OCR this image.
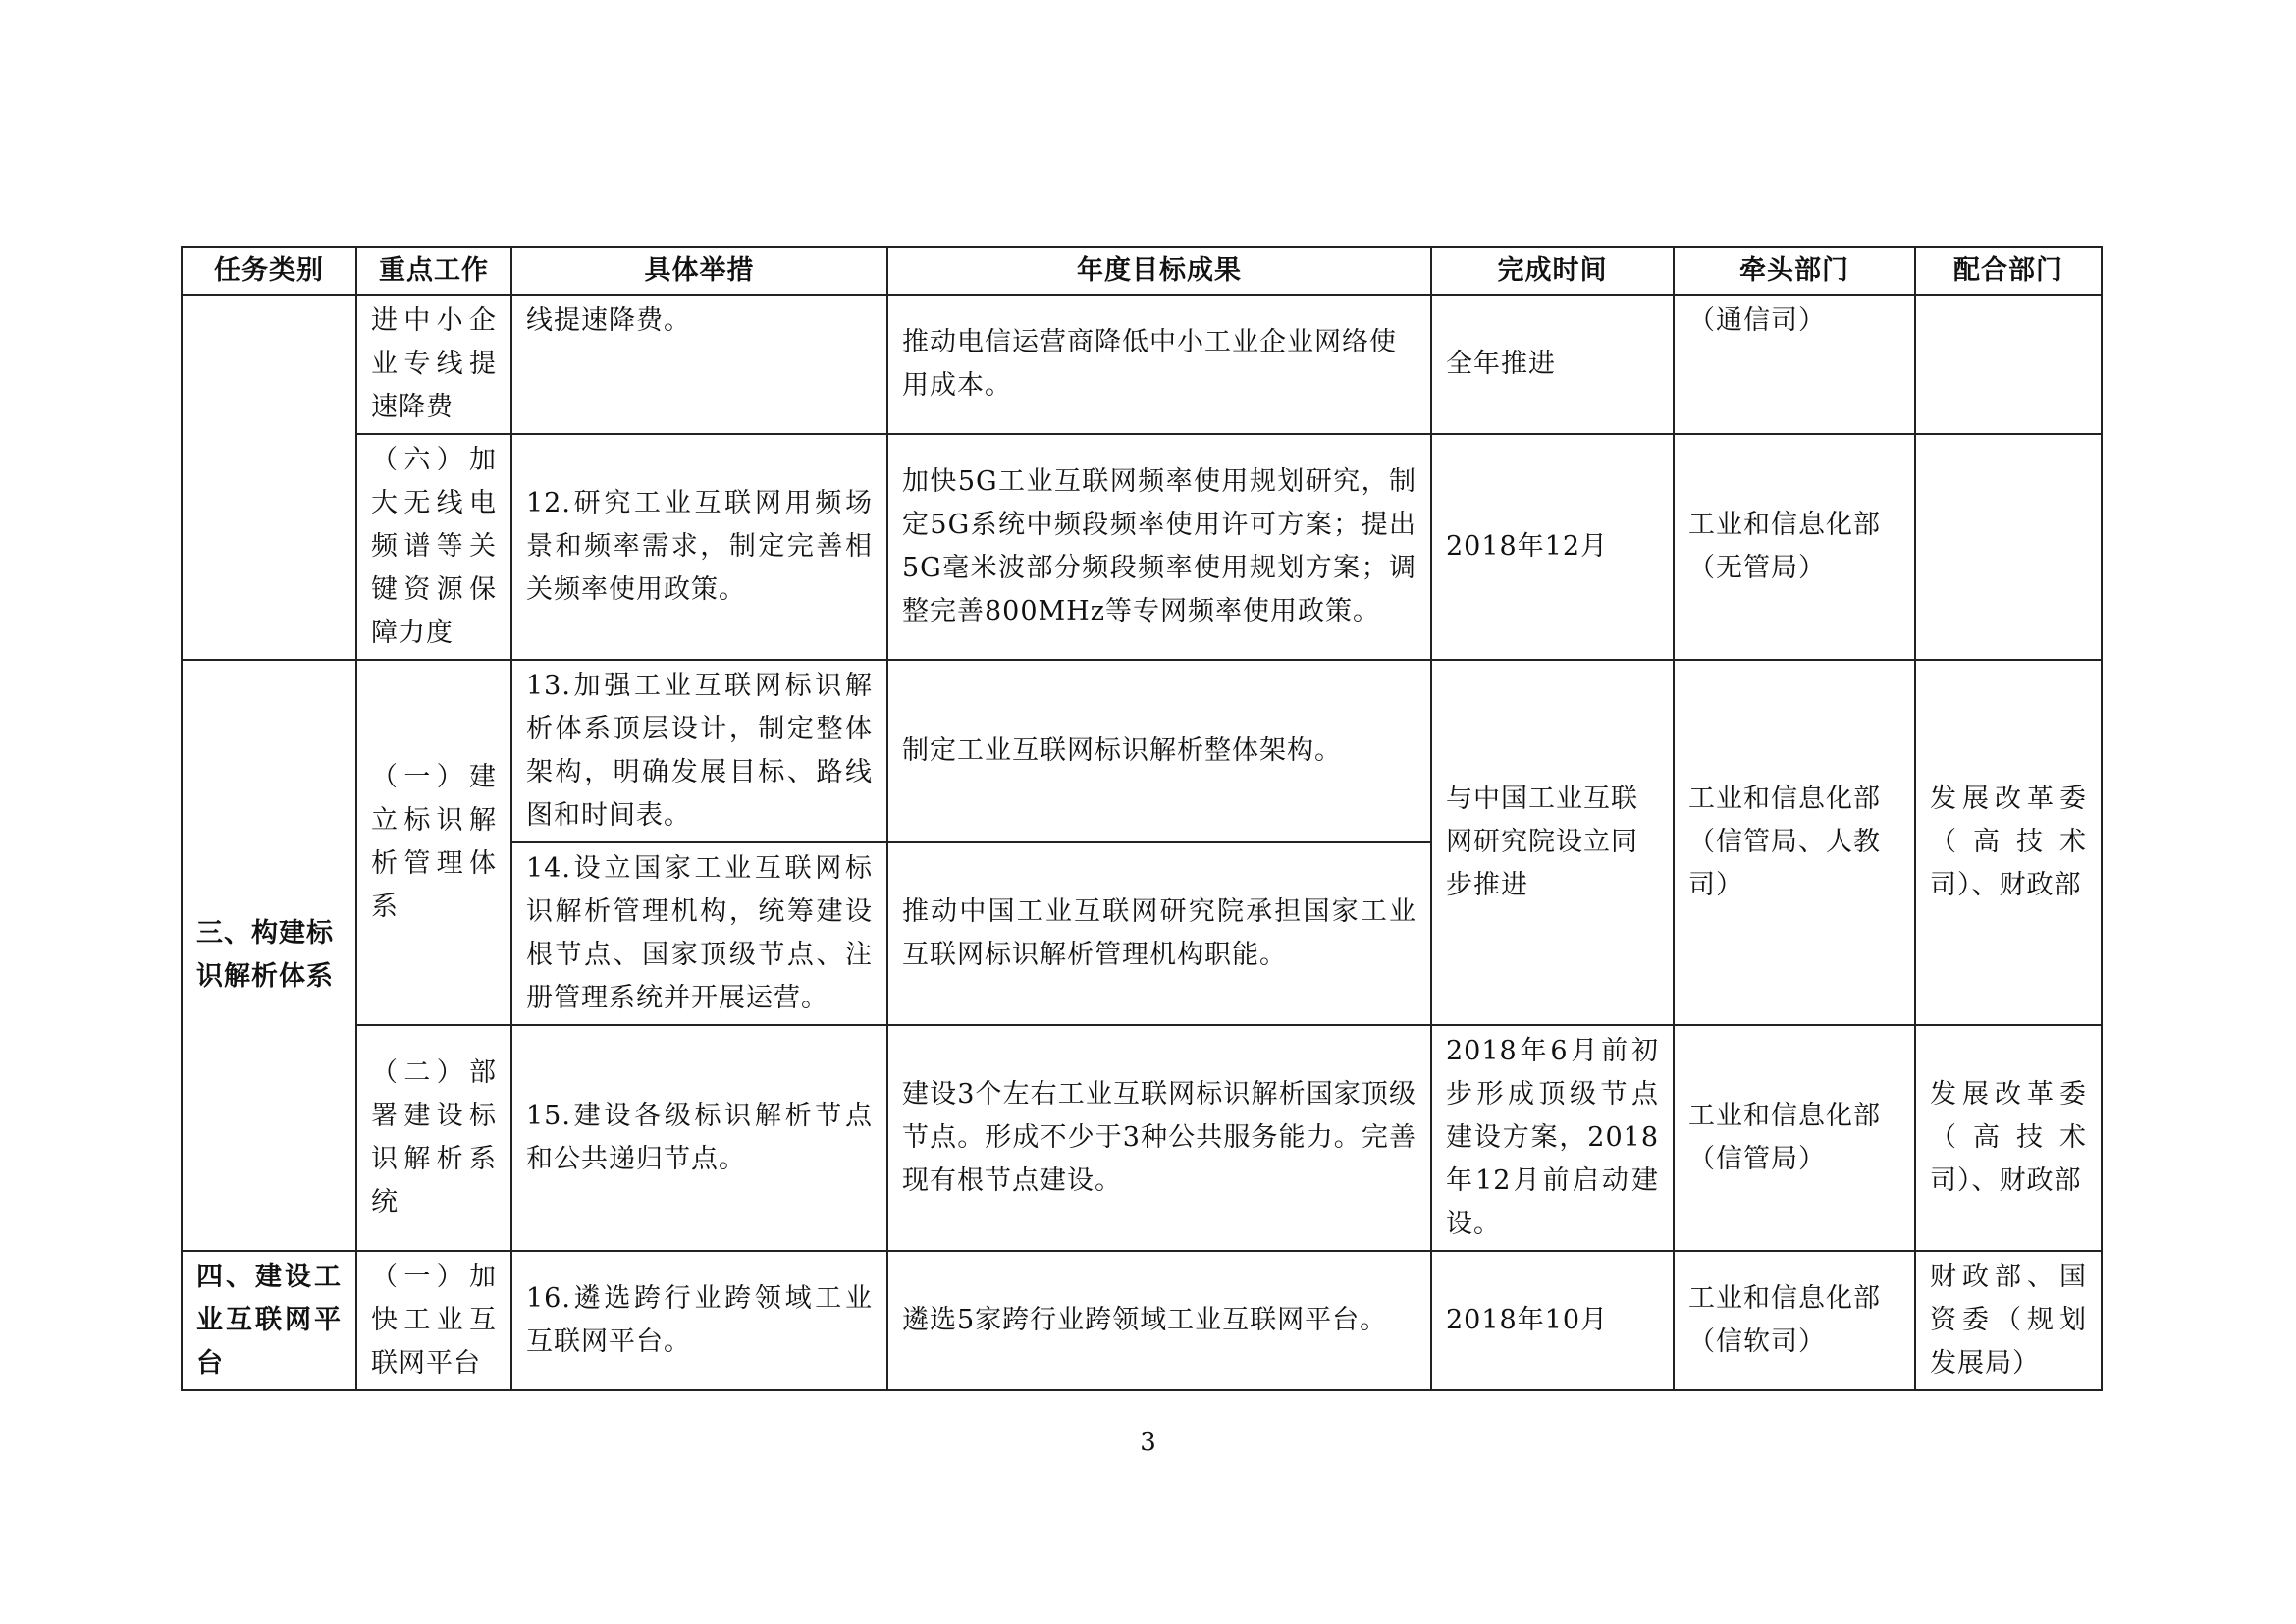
任务类别	重点工作	具体举措	年度目标成果	完成时间	牵头部门	配合部门
	进中小企业专线提速降费	线提速降费。	推动电信运营商降低中小工业企业网络使用成本。	全年推进	（通信司）	
	（六）加大无线电频谱等关键资源保障力度	12.研究工业互联网用频场景和频率需求，制定完善相关频率使用政策。	加快5G工业互联网频率使用规划研究，制定5G系统中频段频率使用许可方案；提出5G毫米波部分频段频率使用规划方案；调整完善800MHz等专网频率使用政策。	2018年12月	工业和信息化部（无管局）	
三、构建标识解析体系	（一）建立标识解析管理体系	13.加强工业互联网标识解析体系顶层设计，制定整体架构，明确发展目标、路线图和时间表。	制定工业互联网标识解析整体架构。	与中国工业互联网研究院设立同步推进	工业和信息化部（信管局、人教司）	发展改革委（高技术司）、财政部
		14.设立国家工业互联网标识解析管理机构，统筹建设根节点、国家顶级节点、注册管理系统并开展运营。	推动中国工业互联网研究院承担国家工业互联网标识解析管理机构职能。			
	（二）部署建设标识解析系统	15.建设各级标识解析节点和公共递归节点。	建设3个左右工业互联网标识解析国家顶级节点。形成不少于3种公共服务能力。完善现有根节点建设。	2018年6月前初步形成顶级节点建设方案，2018年12月前启动建设。	工业和信息化部（信管局）	发展改革委（高技术司）、财政部
四、建设工业互联网平台	（一）加快工业互联网平台	16.遴选跨行业跨领域工业互联网平台。	遴选5家跨行业跨领域工业互联网平台。	2018年10月	工业和信息化部（信软司）	财政部、国资委（规划发展局）
3
